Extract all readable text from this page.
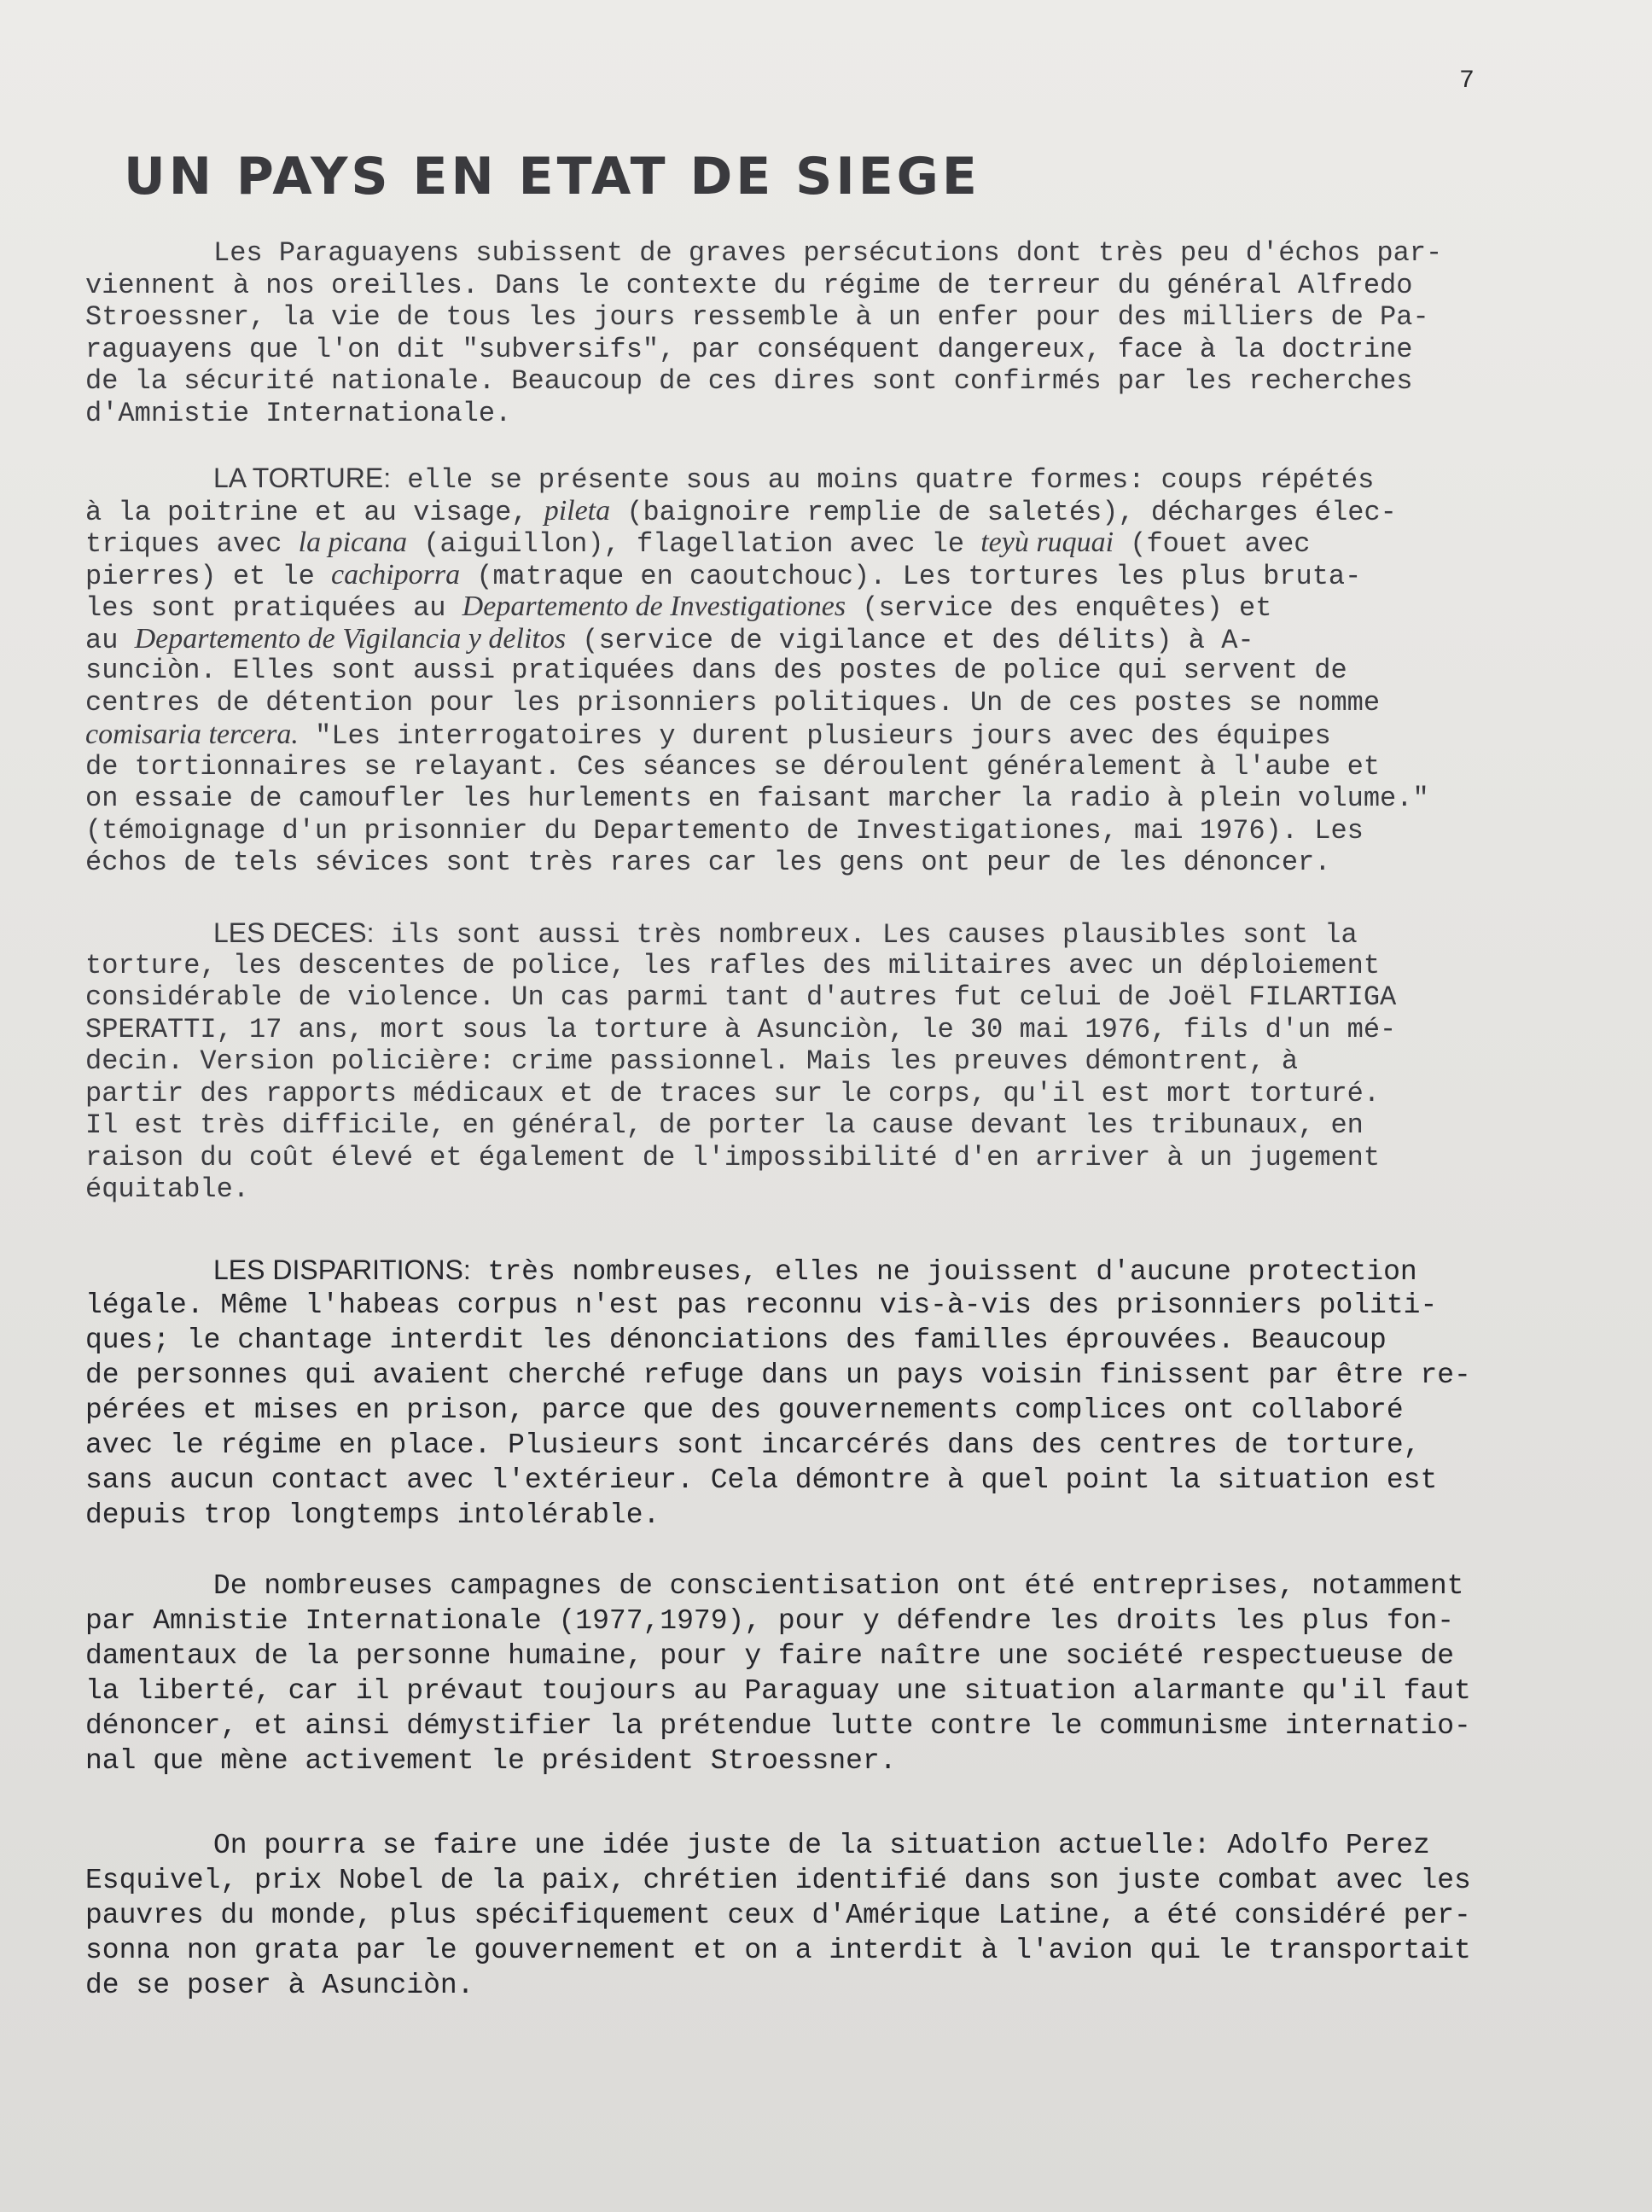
7
UN PAYS EN ETAT DE SIEGE
Les Paraguayens subissent de graves persécutions dont très peu d'échos par-
viennent à nos oreilles. Dans le contexte du régime de terreur du général Alfredo
Stroessner, la vie de tous les jours ressemble à un enfer pour des milliers de Pa-
raguayens que l'on dit "subversifs", par conséquent dangereux, face à la doctrine
de la sécurité nationale. Beaucoup de ces dires sont confirmés par les recherches
d'Amnistie Internationale.
LA TORTURE: elle se présente sous au moins quatre formes: coups répétés
à la poitrine et au visage, pileta (baignoire remplie de saletés), décharges élec-
triques avec la picana (aiguillon), flagellation avec le teyù ruquai (fouet avec
pierres) et le cachiporra (matraque en caoutchouc). Les tortures les plus bruta-
les sont pratiquées au Departemento de Investigationes (service des enquêtes) et
au Departemento de Vigilancia y delitos (service de vigilance et des délits) à A-
sunciòn. Elles sont aussi pratiquées dans des postes de police qui servent de
centres de détention pour les prisonniers politiques. Un de ces postes se nomme
comisaria tercera. "Les interrogatoires y durent plusieurs jours avec des équipes
de tortionnaires se relayant. Ces séances se déroulent généralement à l'aube et
on essaie de camoufler les hurlements en faisant marcher la radio à plein volume."
(témoignage d'un prisonnier du Departemento de Investigationes, mai 1976). Les
échos de tels sévices sont très rares car les gens ont peur de les dénoncer.
LES DECES: ils sont aussi très nombreux. Les causes plausibles sont la
torture, les descentes de police, les rafles des militaires avec un déploiement
considérable de violence. Un cas parmi tant d'autres fut celui de Joël FILARTIGA
SPERATTI, 17 ans, mort sous la torture à Asunciòn, le 30 mai 1976, fils d'un mé-
decin. Version policière: crime passionnel. Mais les preuves démontrent, à
partir des rapports médicaux et de traces sur le corps, qu'il est mort torturé.
Il est très difficile, en général, de porter la cause devant les tribunaux, en
raison du coût élevé et également de l'impossibilité d'en arriver à un jugement
équitable.
LES DISPARITIONS: très nombreuses, elles ne jouissent d'aucune protection
légale. Même l'habeas corpus n'est pas reconnu vis-à-vis des prisonniers politi-
ques; le chantage interdit les dénonciations des familles éprouvées. Beaucoup
de personnes qui avaient cherché refuge dans un pays voisin finissent par être re-
pérées et mises en prison, parce que des gouvernements complices ont collaboré
avec le régime en place. Plusieurs sont incarcérés dans des centres de torture,
sans aucun contact avec l'extérieur. Cela démontre à quel point la situation est
depuis trop longtemps intolérable.
De nombreuses campagnes de conscientisation ont été entreprises, notamment
par Amnistie Internationale (1977,1979), pour y défendre les droits les plus fon-
damentaux de la personne humaine, pour y faire naître une société respectueuse de
la liberté, car il prévaut toujours au Paraguay une situation alarmante qu'il faut
dénoncer, et ainsi démystifier la prétendue lutte contre le communisme internatio-
nal que mène activement le président Stroessner.
On pourra se faire une idée juste de la situation actuelle: Adolfo Perez
Esquivel, prix Nobel de la paix, chrétien identifié dans son juste combat avec les
pauvres du monde, plus spécifiquement ceux d'Amérique Latine, a été considéré per-
sonna non grata par le gouvernement et on a interdit à l'avion qui le transportait
de se poser à Asunciòn.
